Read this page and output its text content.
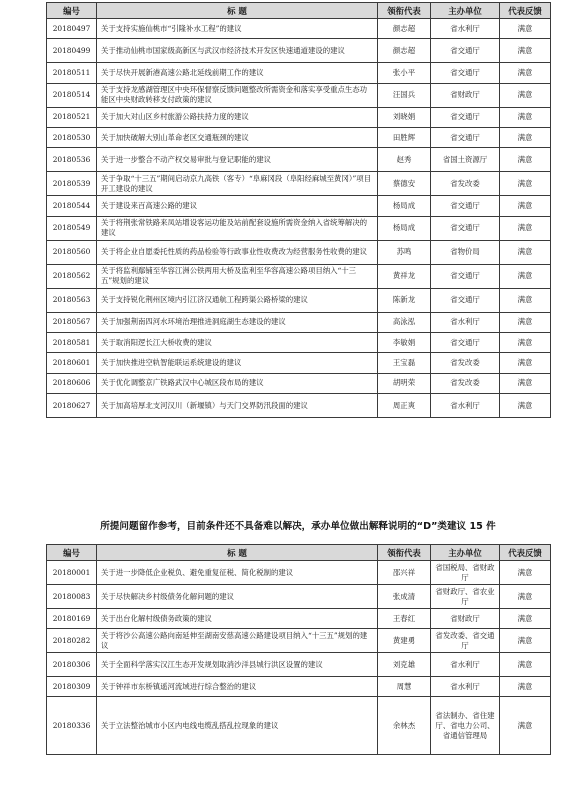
编号	标 题	领衔代表	主办单位	代表反馈
20180497	关于支持实施仙桃市“引隆补水工程”的建议	颜志超	省水利厅	满意
20180499	关于推动仙桃市国家级高新区与武汉市经济技术开发区快速通道建设的建议	颜志超	省交通厅	满意
20180511	关于尽快开展新港高速公路北延线前期工作的建议	张小平	省交通厅	满意
20180514	关于支持龙感湖管理区中央环保督察反馈问题整改所需资金和落实享受重点生态功能区中央财政转移支付政策的建议	汪国兵	省财政厅	满意
20180521	关于加大对山区乡村旅游公路扶持力度的建议	刘晓娟	省交通厅	满意
20180530	关于加快破解大别山革命老区交通瓶颈的建议	田胜辉	省交通厅	满意
20180536	关于进一步整合不动产权交易审批与登记职能的建议	赵秀	省国土资源厅	满意
20180539	关于争取“十三五”期间启动京九高铁（客专）“阜麻冈段（阜阳经麻城至黄冈）”项目开工建设的建议	蔡德安	省发改委	满意
20180544	关于建设来百高速公路的建议	杨局成	省交通厅	满意
20180549	关于将荆张常铁路来凤站增设客运功能及站前配套设施所需资金纳入省统筹解决的建议	杨局成	省交通厅	满意
20180560	关于将企业自愿委托性质的药品检验等行政事业性收费改为经营服务性收费的建议	苏鸣	省物价局	满意
20180562	关于将监利鄢铺至华容江洲公铁两用大桥及监利至华容高速公路项目纳入“十三五”规划的建议	黄祥龙	省交通厅	满意
20180563	关于支持锐化荆州区境内引江济汉通航工程跨渠公路桥梁的建议	陈新龙	省交通厅	满意
20180567	关于加强荆南四河水环境治理推进洞庭湖生态建设的建议	高泳泓	省水利厅	满意
20180581	关于取消阳逻长江大桥收费的建议	李敏娟	省交通厅	满意
20180601	关于加快推进空轨智能联运系统建设的建议	王宝磊	省发改委	满意
20180606	关于优化调整京广铁路武汉中心城区段布局的建议	胡明荣	省发改委	满意
20180627	关于加高培厚北支河汉川（新堰镇）与天门交界防汛段面的建议	周正爽	省水利厅	满意
所提问题留作参考，目前条件还不具备难以解决，承办单位做出解释说明的“D”类建议 15 件
编号	标 题	领衔代表	主办单位	代表反馈
20180001	关于进一步降低企业税负、避免重复征税、简化税制的建议	邵兴祥	省国税局、省财政厅	满意
20180083	关于尽快解决乡村级债务化解问题的建议	张成清	省财政厅、省农业厅	满意
20180169	关于出台化解村级债务政策的建议	王春红	省财政厅	满意
20180282	关于将沙公高速公路向南延伸至湖南安慈高速公路建设项目纳入“十三五”规划的建议	黄建勇	省发改委、省交通厅	满意
20180306	关于全面科学落实汉江生态开发规划取消沙洋县城行洪区设置的建议	刘克雄	省水利厅	满意
20180309	关于钟祥市东桥镇遥河流域进行综合整治的建议	周慧	省水利厅	满意
20180336	关于立法整治城市小区内电线电缆乱搭乱拉现象的建议	余林杰	省法制办、省住建厅、省电力公司、省通信管理局	满意
